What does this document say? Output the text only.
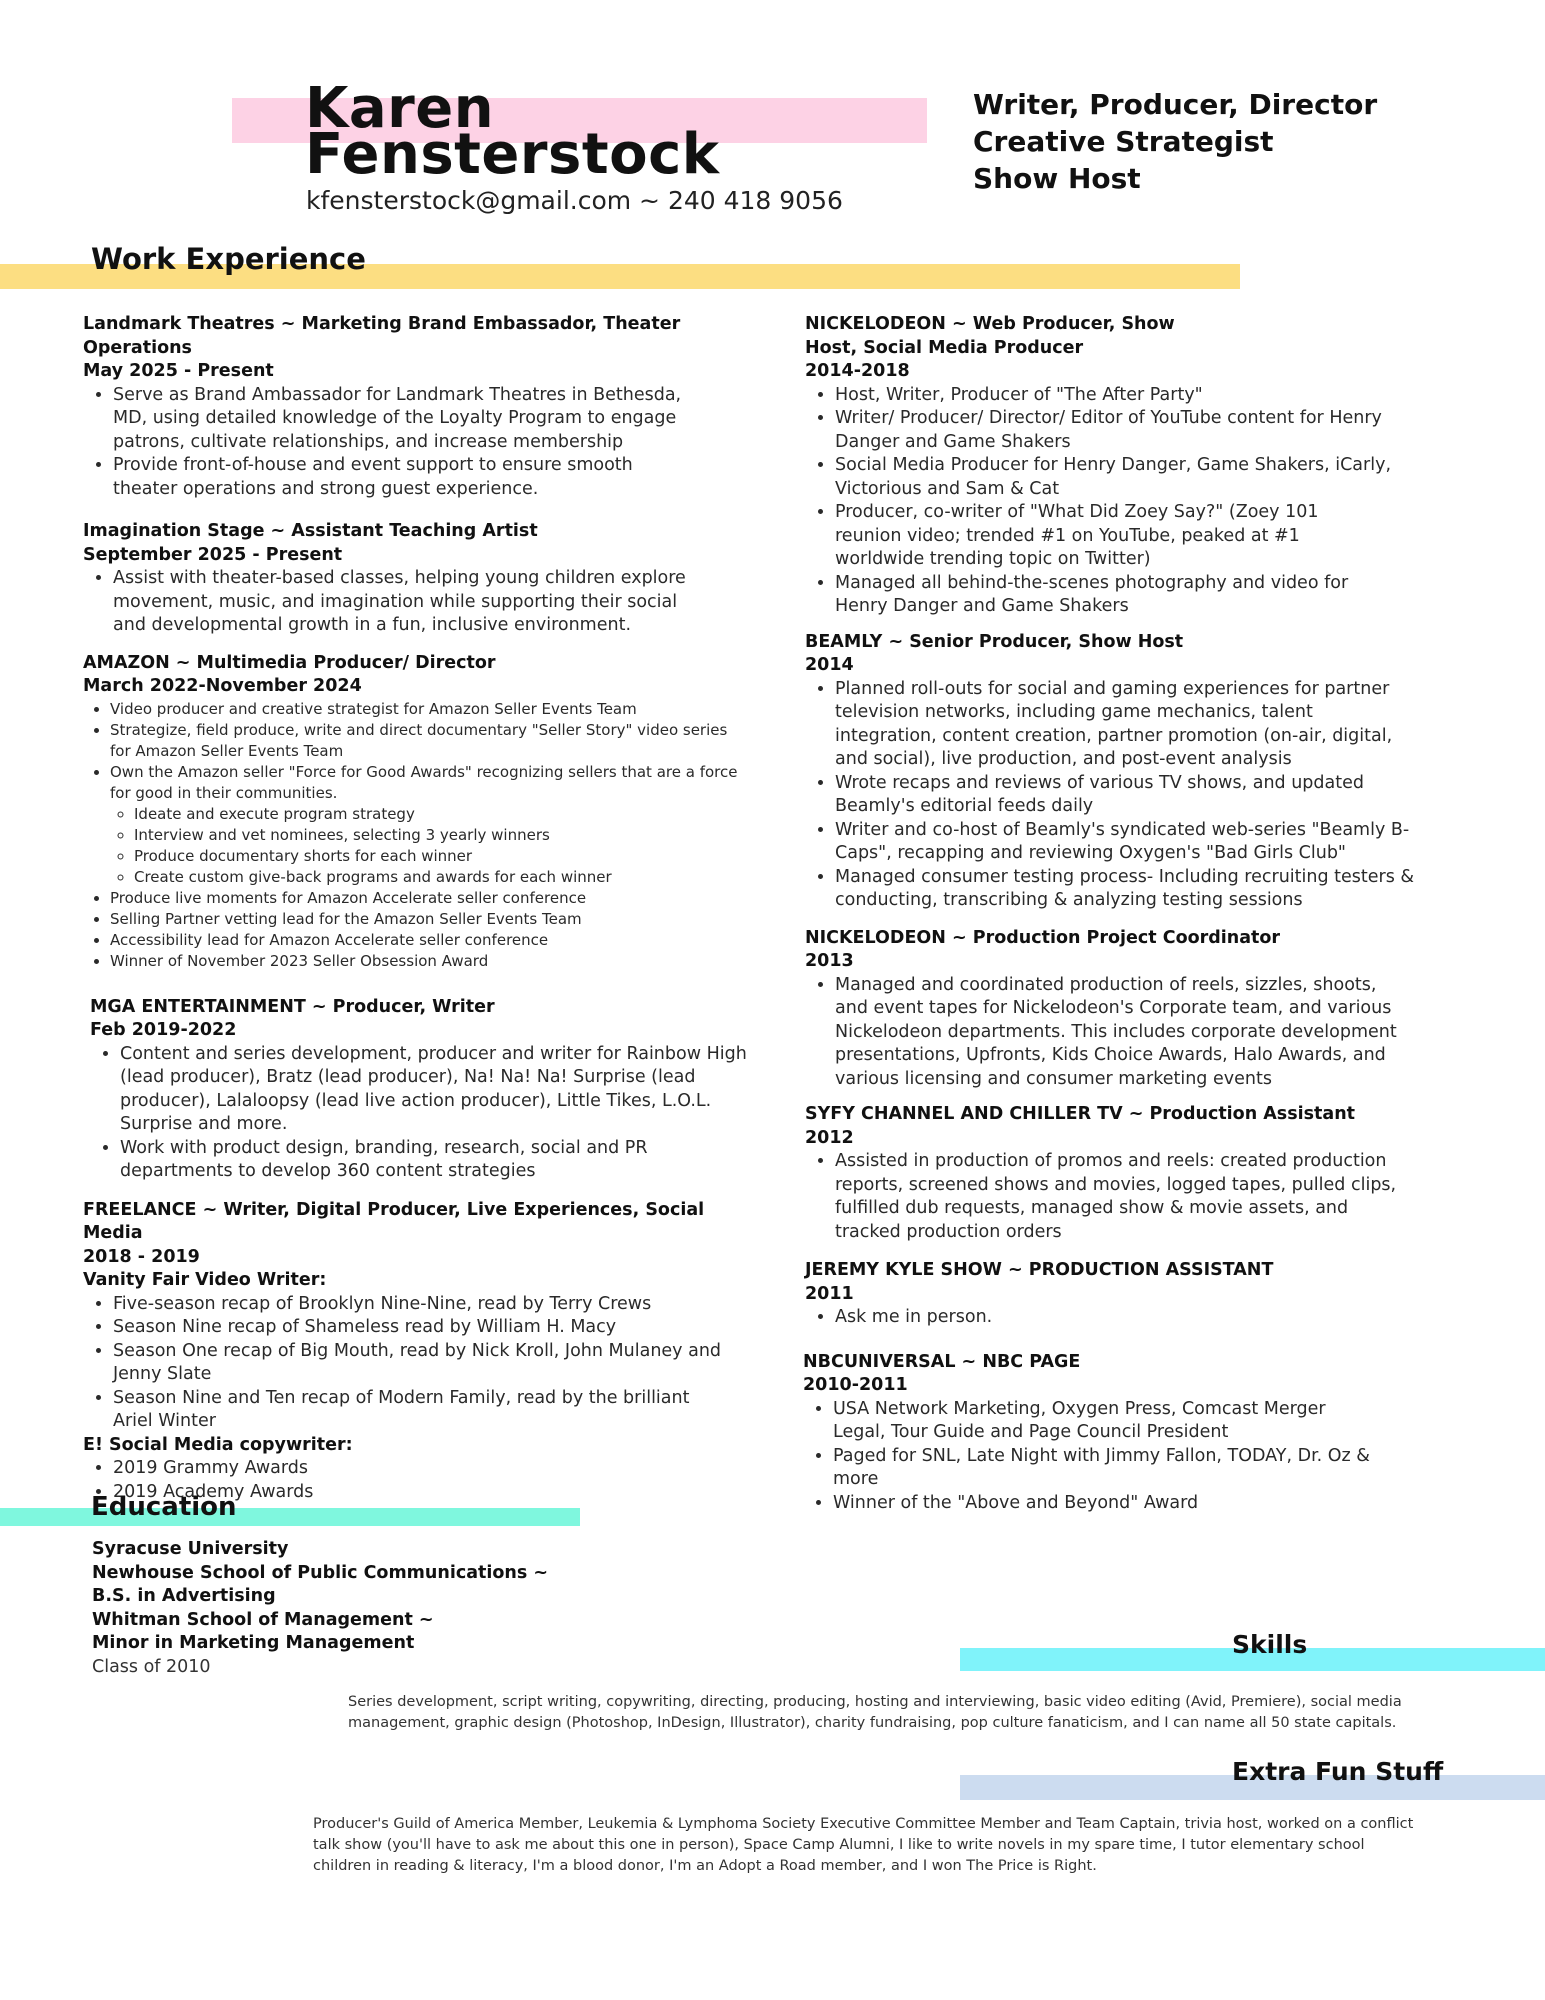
Karen
Fensterstock
kfensterstock@gmail.com ~ 240 418 9056
Writer, Producer, Director
Creative Strategist
Show Host
Work Experience
Landmark Theatres ~ Marketing Brand Embassador, Theater Operations
May 2025 - Present
• Serve as Brand Ambassador for Landmark Theatres in Bethesda, MD, using detailed knowledge of the Loyalty Program to engage patrons, cultivate relationships, and increase membership
• Provide front-of-house and event support to ensure smooth theater operations and strong guest experience.
Imagination Stage ~ Assistant Teaching Artist
September 2025 - Present
• Assist with theater-based classes, helping young children explore movement, music, and imagination while supporting their social and developmental growth in a fun, inclusive environment.
AMAZON ~ Multimedia Producer/ Director
March 2022-November 2024
• Video producer and creative strategist for Amazon Seller Events Team
• Strategize, field produce, write and direct documentary "Seller Story" video series for Amazon Seller Events Team
• Own the Amazon seller "Force for Good Awards" recognizing sellers that are a force for good in their communities.
◦ Ideate and execute program strategy
◦ Interview and vet nominees, selecting 3 yearly winners
◦ Produce documentary shorts for each winner
◦ Create custom give-back programs and awards for each winner
• Produce live moments for Amazon Accelerate seller conference
• Selling Partner vetting lead for the Amazon Seller Events Team
• Accessibility lead for Amazon Accelerate seller conference
• Winner of November 2023 Seller Obsession Award
MGA ENTERTAINMENT ~ Producer, Writer
Feb 2019-2022
• Content and series development, producer and writer for Rainbow High (lead producer), Bratz (lead producer), Na! Na! Na! Surprise (lead producer), Lalaloopsy (lead live action producer), Little Tikes, L.O.L. Surprise and more.
• Work with product design, branding, research, social and PR departments to develop 360 content strategies
FREELANCE ~ Writer, Digital Producer, Live Experiences, Social Media
2018 - 2019
Vanity Fair Video Writer:
• Five-season recap of Brooklyn Nine-Nine, read by Terry Crews
• Season Nine recap of Shameless read by William H. Macy
• Season One recap of Big Mouth, read by Nick Kroll, John Mulaney and Jenny Slate
• Season Nine and Ten recap of Modern Family, read by the brilliant Ariel Winter
E! Social Media copywriter:
• 2019 Grammy Awards
• 2019 Academy Awards
NICKELODEON ~ Web Producer, Show Host, Social Media Producer
2014-2018
• Host, Writer, Producer of "The After Party"
• Writer/ Producer/ Director/ Editor of YouTube content for Henry Danger and Game Shakers
• Social Media Producer for Henry Danger, Game Shakers, iCarly, Victorious and Sam & Cat
• Producer, co-writer of "What Did Zoey Say?" (Zoey 101 reunion video; trended #1 on YouTube, peaked at #1 worldwide trending topic on Twitter)
• Managed all behind-the-scenes photography and video for Henry Danger and Game Shakers
BEAMLY ~ Senior Producer, Show Host
2014
• Planned roll-outs for social and gaming experiences for partner television networks, including game mechanics, talent integration, content creation, partner promotion (on-air, digital, and social), live production, and post-event analysis
• Wrote recaps and reviews of various TV shows, and updated Beamly's editorial feeds daily
• Writer and co-host of Beamly's syndicated web-series "Beamly B-Caps", recapping and reviewing Oxygen's "Bad Girls Club"
• Managed consumer testing process- Including recruiting testers & conducting, transcribing & analyzing testing sessions
NICKELODEON ~ Production Project Coordinator
2013
• Managed and coordinated production of reels, sizzles, shoots, and event tapes for Nickelodeon's Corporate team, and various Nickelodeon departments. This includes corporate development presentations, Upfronts, Kids Choice Awards, Halo Awards, and various licensing and consumer marketing events
SYFY CHANNEL AND CHILLER TV ~ Production Assistant
2012
• Assisted in production of promos and reels: created production reports, screened shows and movies, logged tapes, pulled clips, fulfilled dub requests, managed show & movie assets, and tracked production orders
JEREMY KYLE SHOW ~ PRODUCTION ASSISTANT
2011
• Ask me in person.
NBCUNIVERSAL ~ NBC PAGE
2010-2011
• USA Network Marketing, Oxygen Press, Comcast Merger Legal, Tour Guide and Page Council President
• Paged for SNL, Late Night with Jimmy Fallon, TODAY, Dr. Oz & more
• Winner of the "Above and Beyond" Award
Education
Syracuse University
Newhouse School of Public Communications ~
B.S. in Advertising
Whitman School of Management ~
Minor in Marketing Management
Class of 2010
Skills
Series development, script writing, copywriting, directing, producing, hosting and interviewing, basic video editing (Avid, Premiere), social media management, graphic design (Photoshop, InDesign, Illustrator), charity fundraising, pop culture fanaticism, and I can name all 50 state capitals.
Extra Fun Stuff
Producer's Guild of America Member, Leukemia & Lymphoma Society Executive Committee Member and Team Captain, trivia host, worked on a conflict talk show (you'll have to ask me about this one in person), Space Camp Alumni, I like to write novels in my spare time, I tutor elementary school children in reading & literacy, I'm a blood donor, I'm an Adopt a Road member, and I won The Price is Right.
